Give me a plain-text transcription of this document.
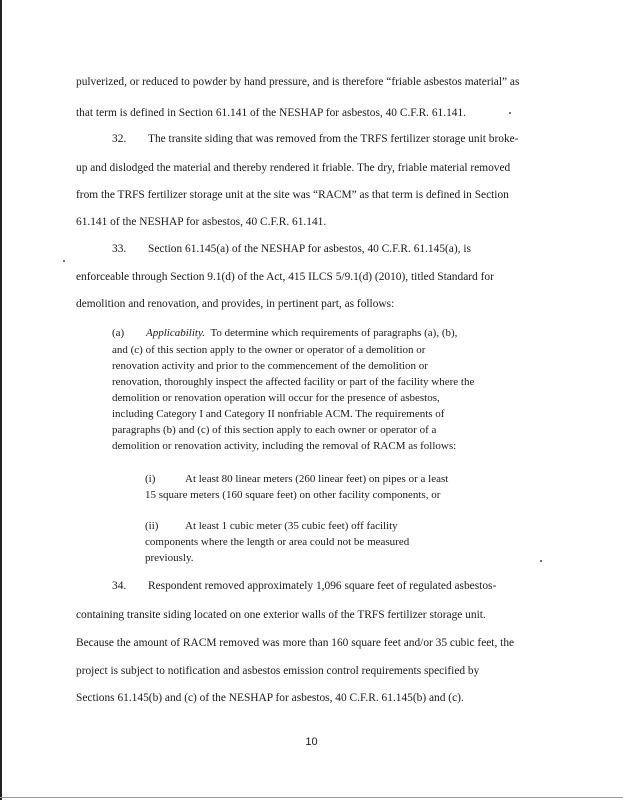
pulverized, or reduced to powder by hand pressure, and is therefore “friable asbestos material” as
that term is defined in Section 61.141 of the NESHAP for asbestos, 40 C.F.R. 61.141.
32. The transite siding that was removed from the TRFS fertilizer storage unit broke-
up and dislodged the material and thereby rendered it friable. The dry, friable material removed
from the TRFS fertilizer storage unit at the site was “RACM” as that term is defined in Section
61.141 of the NESHAP for asbestos, 40 C.F.R. 61.141.
33. Section 61.145(a) of the NESHAP for asbestos, 40 C.F.R. 61.145(a), is
enforceable through Section 9.1(d) of the Act, 415 ILCS 5/9.1(d) (2010), titled Standard for
demolition and renovation, and provides, in pertinent part, as follows:
(a) Applicability. To determine which requirements of paragraphs (a), (b),
and (c) of this section apply to the owner or operator of a demolition or
renovation activity and prior to the commencement of the demolition or
renovation, thoroughly inspect the affected facility or part of the facility where the
demolition or renovation operation will occur for the presence of asbestos,
including Category I and Category II nonfriable ACM. The requirements of
paragraphs (b) and (c) of this section apply to each owner or operator of a
demolition or renovation activity, including the removal of RACM as follows:
(i)	At least 80 linear meters (260 linear feet) on pipes or a least
15 square meters (160 square feet) on other facility components, or
(ii) At least 1 cubic meter (35 cubic feet) off facility
components where the length or area could not be measured
previously.
34. Respondent removed approximately 1,096 square feet of regulated asbestos-
containing transite siding located on one exterior walls of the TRFS fertilizer storage unit.
Because the amount of RACM removed was more than 160 square feet and/or 35 cubic feet, the
project is subject to notification and asbestos emission control requirements specified by
Sections 61.145(b) and (c) of the NESHAP for asbestos, 40 C.F.R. 61.145(b) and (c).
10
